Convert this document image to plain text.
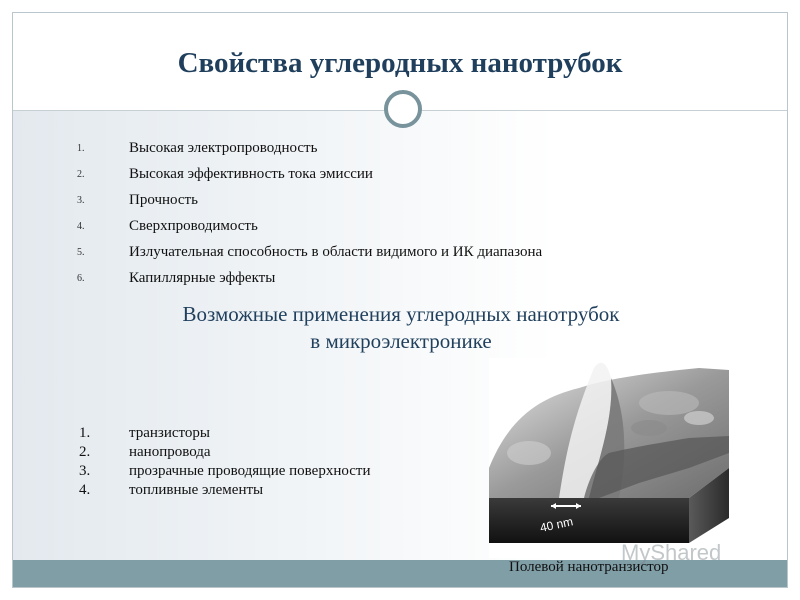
Свойства углеродных нанотрубок
1.	Высокая электропроводность
2.	Высокая эффективность тока эмиссии
3.	Прочность
4.	Сверхпроводимость
5.	Излучательная способность в области видимого и ИК диапазона
6.	Капиллярные эффекты
Возможные применения углеродных нанотрубок
в микроэлектронике
1.	транзисторы
2.	нанопровода
3.	прозрачные проводящие поверхности
4.	топливные элементы
40 nm
MyShared
Полевой нанотранзистор
